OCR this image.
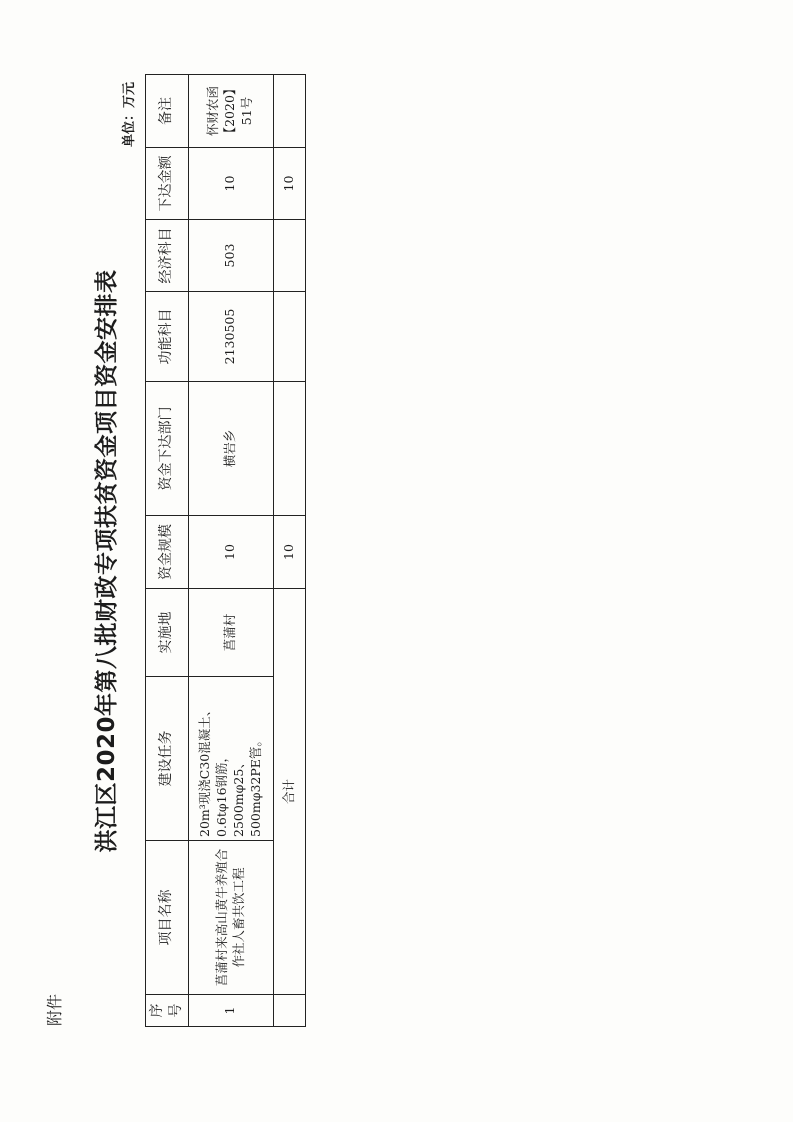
附件
洪江区2020年第八批财政专项扶贫资金项目资金安排表
单位：万元
序号	项目名称	建设任务	实施地	资金规模	资金下达部门	功能科目	经济科目	下达金额	备注
1	菖蒲村来高山黄牛养殖合作社人畜共饮工程	20m³现浇C30混凝土、0.6tφ16钢筋，2500mφ25、500mφ32PE管。	菖蒲村	10	横岩乡	2130505	503	10	怀财农函【2020】51号
	合计			10				10	
